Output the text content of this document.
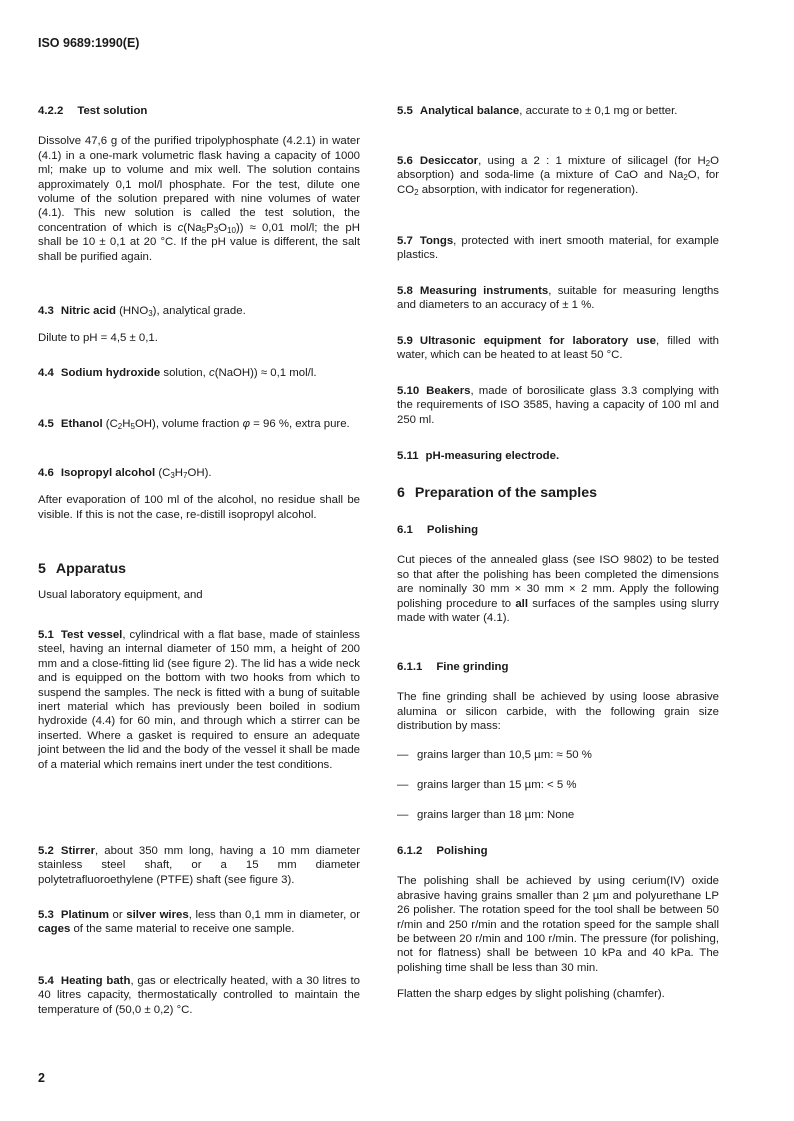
ISO 9689:1990(E)
4.2.2 Test solution

Dissolve 47,6 g of the purified tripolyphosphate (4.2.1) in water (4.1) in a one-mark volumetric flask having a capacity of 1000 ml; make up to volume and mix well. The solution contains approximately 0,1 mol/l phosphate. For the test, dilute one volume of the solution prepared with nine volumes of water (4.1). This new solution is called the test solution, the concentration of which is $c(Na_5P_3O_{10})) \approx 0,01$ mol/l; the pH shall be 10 ± 0,1 at 20 °C. If the pH value is different, the salt shall be purified again.

4.3 Nitric acid $(HNO_3)$, analytical grade.

Dilute to pH = 4,5 ± 0,1.

4.4 Sodium hydroxide solution, c(NaOH)) ≈ 0,1 mol/l.

4.5 Ethanol $(C_2H_5OH)$, volume fraction φ = 96 %, extra pure.

4.6 Isopropyl alcohol $(C_3H_7OH)$.

After evaporation of 100 ml of the alcohol, no residue shall be visible. If this is not the case, re-distill isopropyl alcohol.

5 Apparatus

Usual laboratory equipment, and

5.1 Test vessel, cylindrical with a flat base, made of stainless steel, having an internal diameter of 150 mm, a height of 200 mm and a close-fitting lid (see figure 2). The lid has a wide neck and is equipped on the bottom with two hooks from which to suspend the samples. The neck is fitted with a bung of suitable inert material which has previously been boiled in sodium hydroxide (4.4) for 60 min, and through which a stirrer can be inserted. Where a gasket is required to ensure an adequate joint between the lid and the body of the vessel it shall be made of a material which remains inert under the test conditions.

5.2 Stirrer, about 350 mm long, having a 10 mm diameter stainless steel shaft, or a 15 mm diameter polytetrafluoroethylene (PTFE) shaft (see figure 3).

5.3 Platinum or silver wires, less than 0,1 mm in diameter, or cages of the same material to receive one sample.

5.4 Heating bath, gas or electrically heated, with a 30 litres to 40 litres capacity, thermostatically controlled to maintain the temperature of (50,0 ± 0,2) °C.

5.5 Analytical balance, accurate to ± 0,1 mg or better.

5.6 Desiccator, using a 2 : 1 mixture of silicagel (for $H_2O$ absorption) and soda-lime (a mixture of CaO and $Na_2O$, for $CO_2$ absorption, with indicator for regeneration).

5.7 Tongs, protected with inert smooth material, for example plastics.

5.8 Measuring instruments, suitable for measuring lengths and diameters to an accuracy of ± 1 %.

5.9 Ultrasonic equipment for laboratory use, filled with water, which can be heated to at least 50 °C.

5.10 Beakers, made of borosilicate glass 3.3 complying with the requirements of ISO 3585, having a capacity of 100 ml and 250 ml.

5.11 pH-measuring electrode.

6 Preparation of the samples
6.1 Polishing

Cut pieces of the annealed glass (see ISO 9802) to be tested so that after the polishing has been completed the dimensions are nominally 30 mm × 30 mm × 2 mm. Apply the following polishing procedure to all surfaces of the samples using slurry made with water (4.1).

6.1.1 Fine grinding

The fine grinding shall be achieved by using loose abrasive alumina or silicon carbide, with the following grain size distribution by mass:

— grains larger than 10,5 µm: ≈ 50 %
— grains larger than 15 µm: < 5 %
— grains larger than 18 µm: None
6.1.2 Polishing

The polishing shall be achieved by using cerium(IV) oxide abrasive having grains smaller than 2 µm and polyurethane LP 26 polisher. The rotation speed for the tool shall be between 50 r/min and 250 r/min and the rotation speed for the sample shall be between 20 r/min and 100 r/min. The pressure (for polishing, not for flatness) shall be between 10 kPa and 40 kPa. The polishing time shall be less than 30 min.

Flatten the sharp edges by slight polishing (chamfer).

2
